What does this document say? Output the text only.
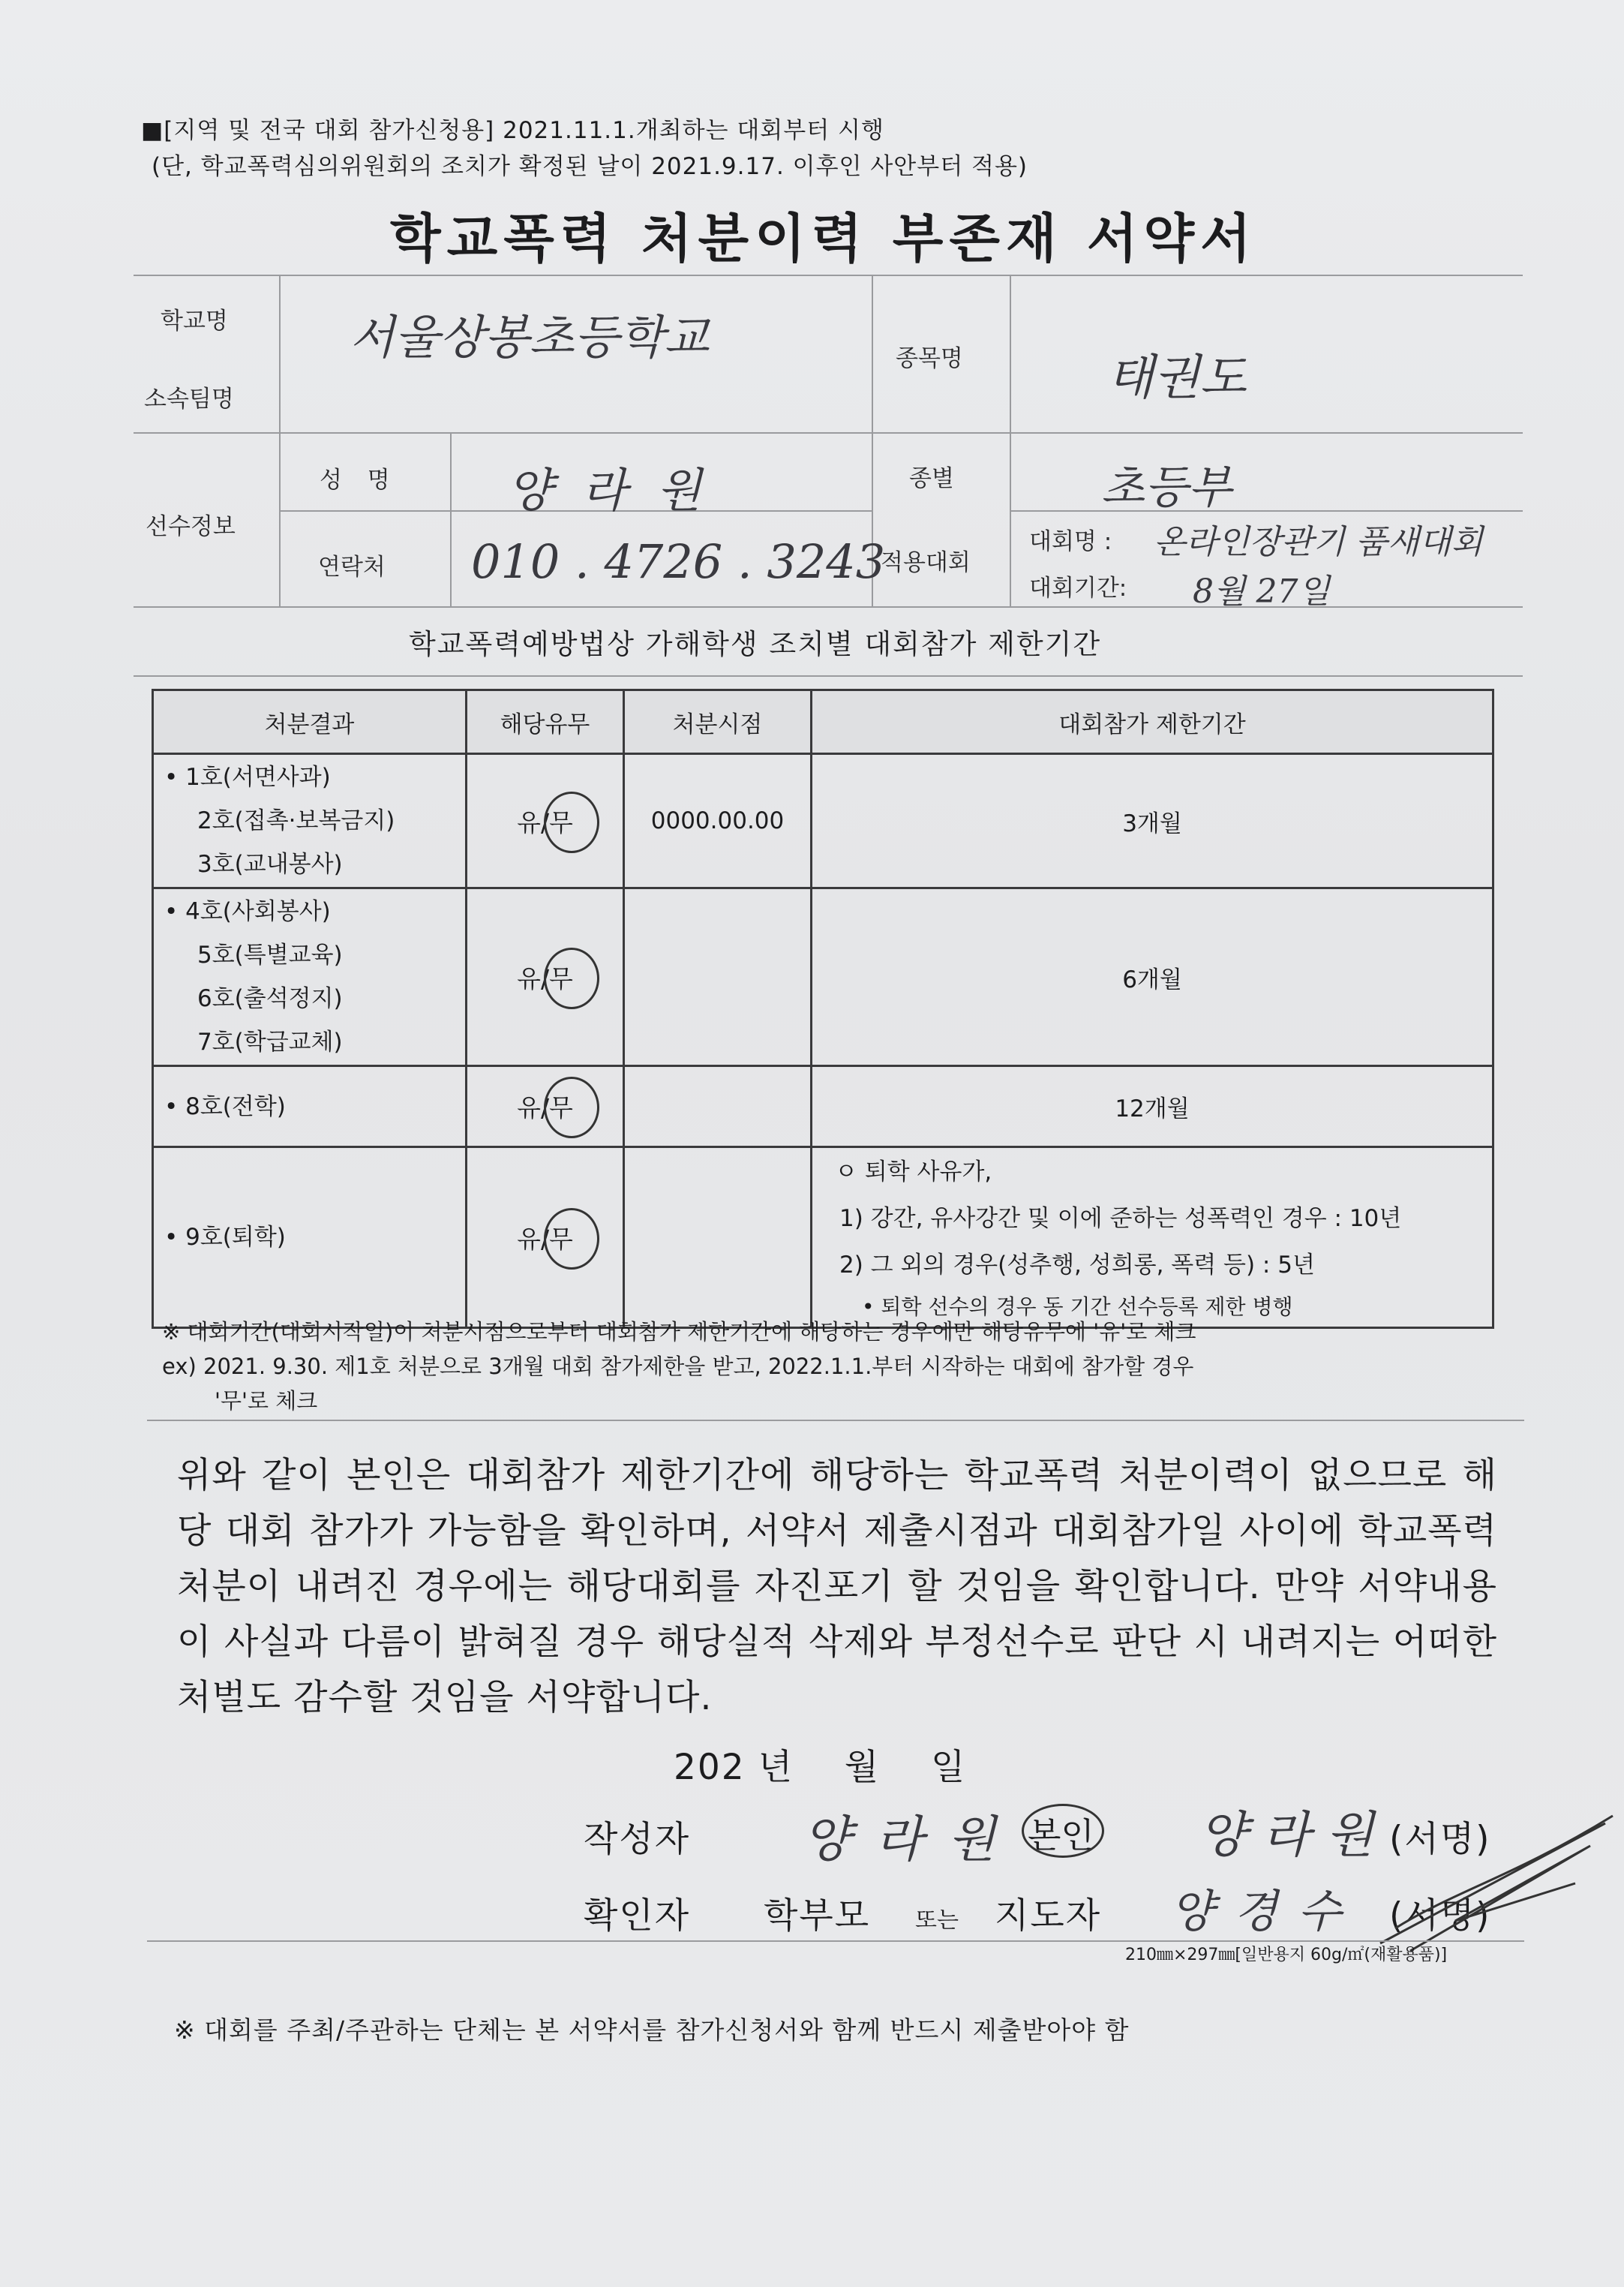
■[지역 및 전국 대회 참가신청용] 2021.11.1.개최하는 대회부터 시행
(단, 학교폭력심의위원회의 조치가 확정된 날이 2021.9.17. 이후인 사안부터 적용)
학교폭력 처분이력 부존재 서약서
학교명
소속팀명
서울상봉초등학교	종목명	태권도
선수정보
성 명 양 라 원	종별	초등부
연락처 010 . 4726 . 3243
적용대회
대회명 : 온라인장관기 품새대회
대회기간: 8월 27일
학교폭력예방법상 가해학생 조치별 대회참가 제한기간
처분결과	해당유무	처분시점	대회참가 제한기간

• 1호(서면사과)
2호(접촉·보복금지)
3호(교내봉사)	유/무	0000.00.00	3개월

• 4호(사회봉사)
5호(특별교육)
6호(출석정지)
7호(학급교체)	유/무		6개월

• 8호(전학)	유/무		12개월

• 9호(퇴학)	유/무		ㅇ 퇴학 사유가,
1) 강간, 유사강간 및 이에 준하는 성폭력인 경우 : 10년
2) 그 외의 경우(성추행, 성희롱, 폭력 등) : 5년
• 퇴학 선수의 경우 동 기간 선수등록 제한 병행
※ 대회기간(대회시작일)이 처분시점으로부터 대회참가 제한기간에 해당하는 경우에만 해당유무에 '유'로 체크
ex) 2021. 9.30. 제1호 처분으로 3개월 대회 참가제한을 받고, 2022.1.1.부터 시작하는 대회에 참가할 경우
'무'로 체크
위와 같이 본인은 대회참가 제한기간에 해당하는 학교폭력 처분이력이 없으므로 해당 대회 참가가 가능함을 확인하며, 서약서 제출시점과 대회참가일 사이에 학교폭력 처분이 내려진 경우에는 해당대회를 자진포기 할 것임을 확인합니다. 만약 서약내용이 사실과 다름이 밝혀질 경우 해당실적 삭제와 부정선수로 판단 시 내려지는 어떠한 처벌도 감수할 것임을 서약합니다.
202 년    월    일
작성자 양 라 원 본인 양 라 원 (서명)
확인자 학부모 또는 지도자 양 경 수 (서명)
210㎜×297㎜[일반용지 60g/㎡(재활용품)]
※ 대회를 주최/주관하는 단체는 본 서약서를 참가신청서와 함께 반드시 제출받아야 함
